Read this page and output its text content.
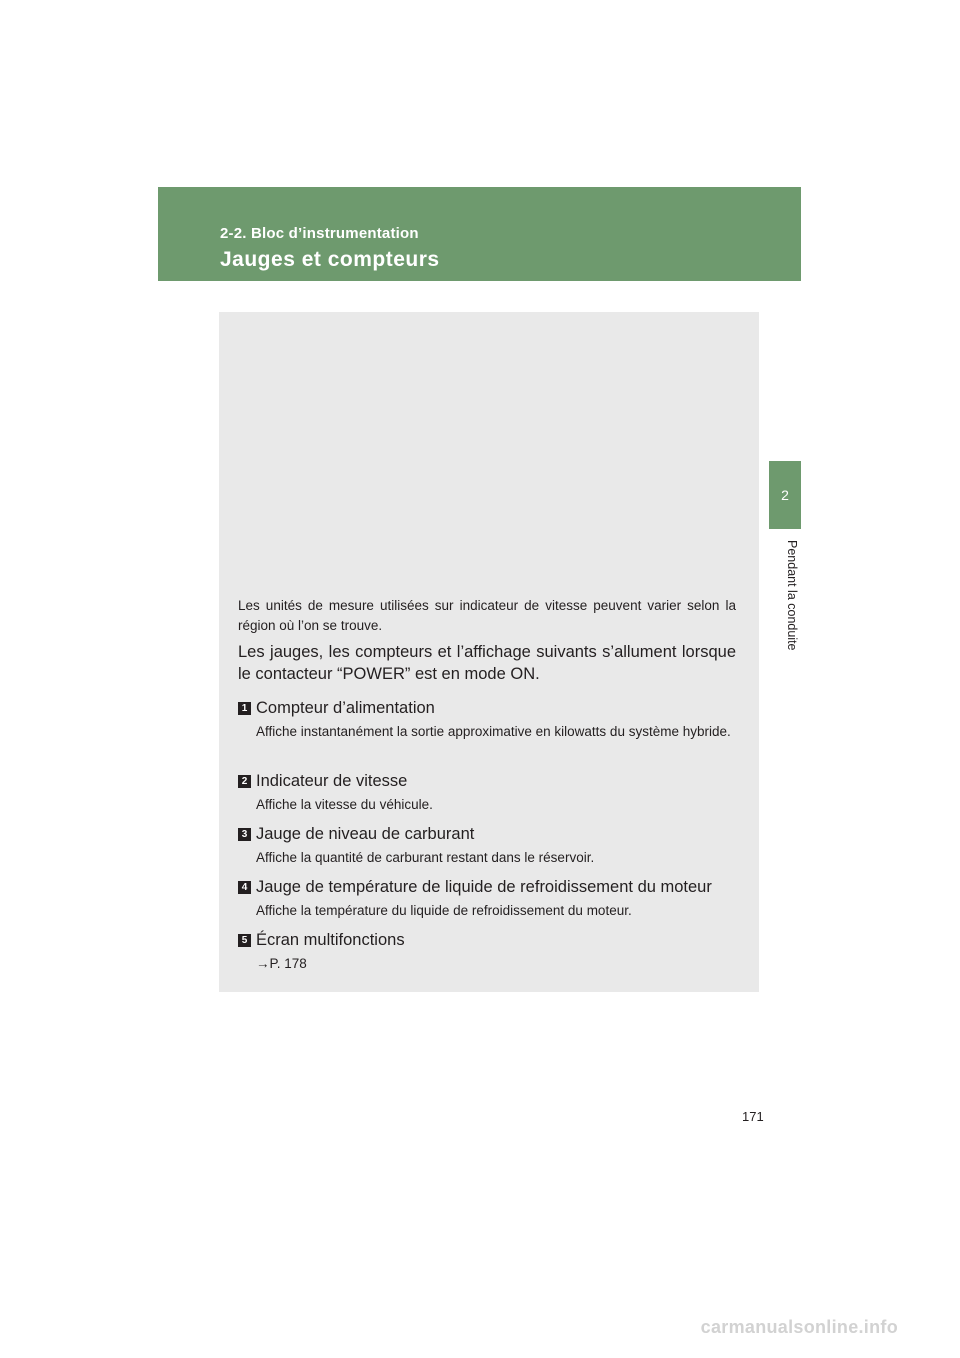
2-2. Bloc d’instrumentation
Jauges et compteurs
2
Pendant la conduite
Les unités de mesure utilisées sur indicateur de vitesse peuvent varier selon la région où l’on se trouve.
Les jauges, les compteurs et l’affichage suivants s’allument lorsque le contacteur “POWER” est en mode ON.
1 Compteur d’alimentation
Affiche instantanément la sortie approximative en kilowatts du système hybride.
2 Indicateur de vitesse
Affiche la vitesse du véhicule.
3 Jauge de niveau de carburant
Affiche la quantité de carburant restant dans le réservoir.
4 Jauge de température de liquide de refroidissement du moteur
Affiche la température du liquide de refroidissement du moteur.
5 Écran multifonctions
→P. 178
171
carmanualsonline.info
